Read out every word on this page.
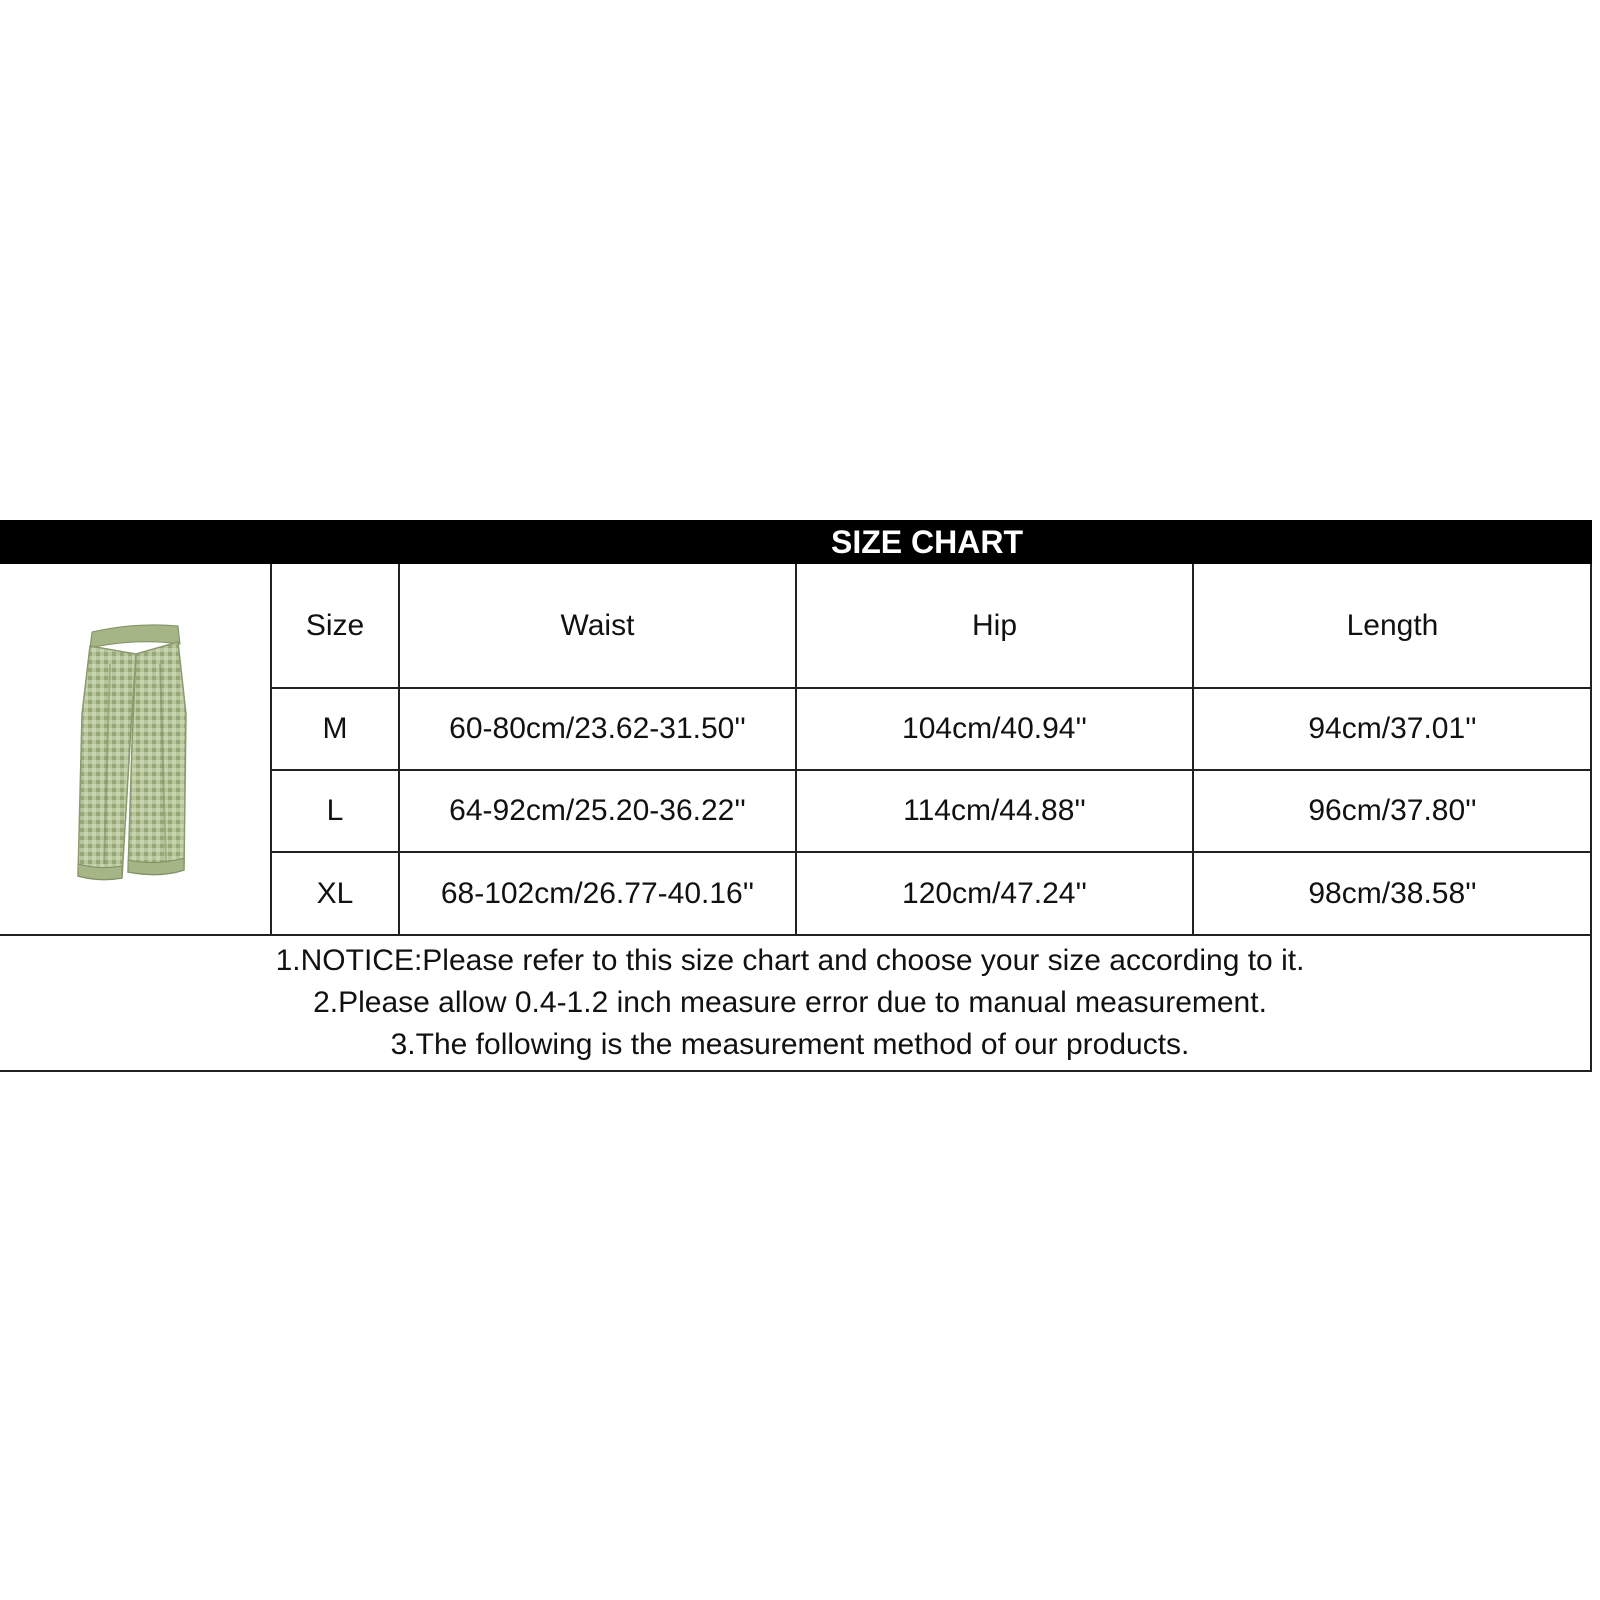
SIZE CHART
Size	Waist	Hip	Length
M	60-80cm/23.62-31.50''	104cm/40.94''	94cm/37.01''
L	64-92cm/25.20-36.22''	114cm/44.88''	96cm/37.80''
XL	68-102cm/26.77-40.16''	120cm/47.24''	98cm/38.58''
1.NOTICE:Please refer to this size chart and choose your size according to it.
2.Please allow 0.4-1.2 inch measure error due to manual measurement.
3.The following is the measurement method of our products.
